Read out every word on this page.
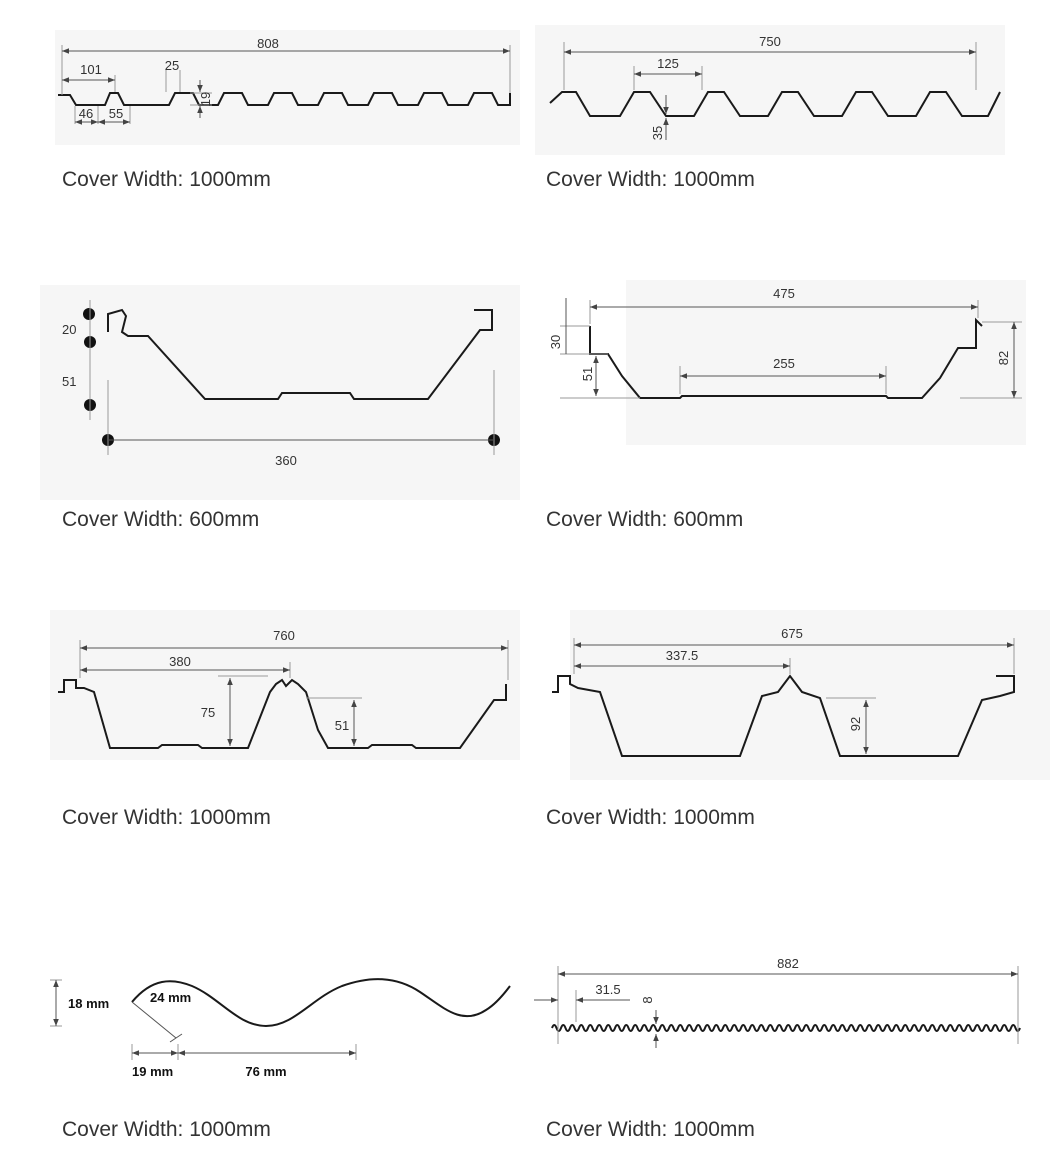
808
101	25
19
46 55
Cover Width: 1000mm
750
125
35
Cover Width: 1000mm
20
51
360
Cover Width: 600mm
475
255
30
51
82
Cover Width: 600mm
760
380
75
51
Cover Width: 1000mm
675
337.5
92
Cover Width: 1000mm
18 mm	24 mm
19 mm	76 mm
Cover Width: 1000mm
882
31.5
8
Cover Width: 1000mm
